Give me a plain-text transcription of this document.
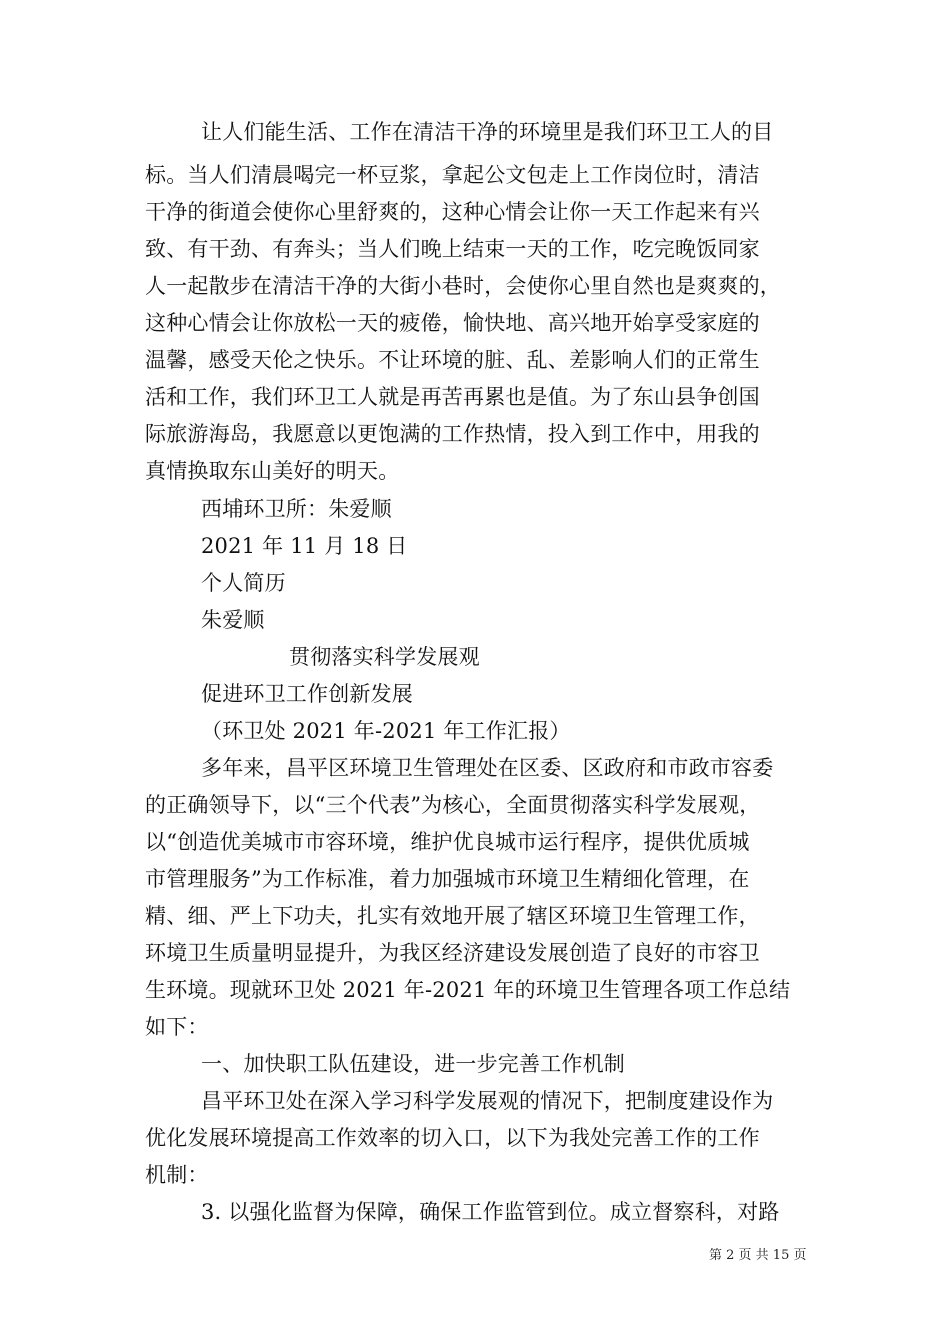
让人们能生活、工作在清洁干净的环境里是我们环卫工人的目
标。当人们清晨喝完一杯豆浆，拿起公文包走上工作岗位时，清洁
干净的街道会使你心里舒爽的，这种心情会让你一天工作起来有兴
致、有干劲、有奔头；当人们晚上结束一天的工作，吃完晚饭同家
人一起散步在清洁干净的大街小巷时，会使你心里自然也是爽爽的，
这种心情会让你放松一天的疲倦，愉快地、高兴地开始享受家庭的
温馨，感受天伦之快乐。不让环境的脏、乱、差影响人们的正常生
活和工作，我们环卫工人就是再苦再累也是值。为了东山县争创国
际旅游海岛，我愿意以更饱满的工作热情，投入到工作中，用我的
真情换取东山美好的明天。
西埔环卫所：朱爱顺
2021 年 11 月 18 日
个人简历
朱爱顺
贯彻落实科学发展观
促进环卫工作创新发展
（环卫处 2021 年-2021 年工作汇报）
多年来，昌平区环境卫生管理处在区委、区政府和市政市容委
的正确领导下，以“三个代表”为核心，全面贯彻落实科学发展观，
以“创造优美城市市容环境，维护优良城市运行程序，提供优质城
市管理服务”为工作标准，着力加强城市环境卫生精细化管理，在
精、细、严上下功夫，扎实有效地开展了辖区环境卫生管理工作，
环境卫生质量明显提升，为我区经济建设发展创造了良好的市容卫
生环境。现就环卫处 2021 年-2021 年的环境卫生管理各项工作总结
如下：
一、加快职工队伍建设，进一步完善工作机制
昌平环卫处在深入学习科学发展观的情况下，把制度建设作为
优化发展环境提高工作效率的切入口，以下为我处完善工作的工作
机制：
3. 以强化监督为保障，确保工作监管到位。成立督察科，对路
第 2 页 共 15 页
